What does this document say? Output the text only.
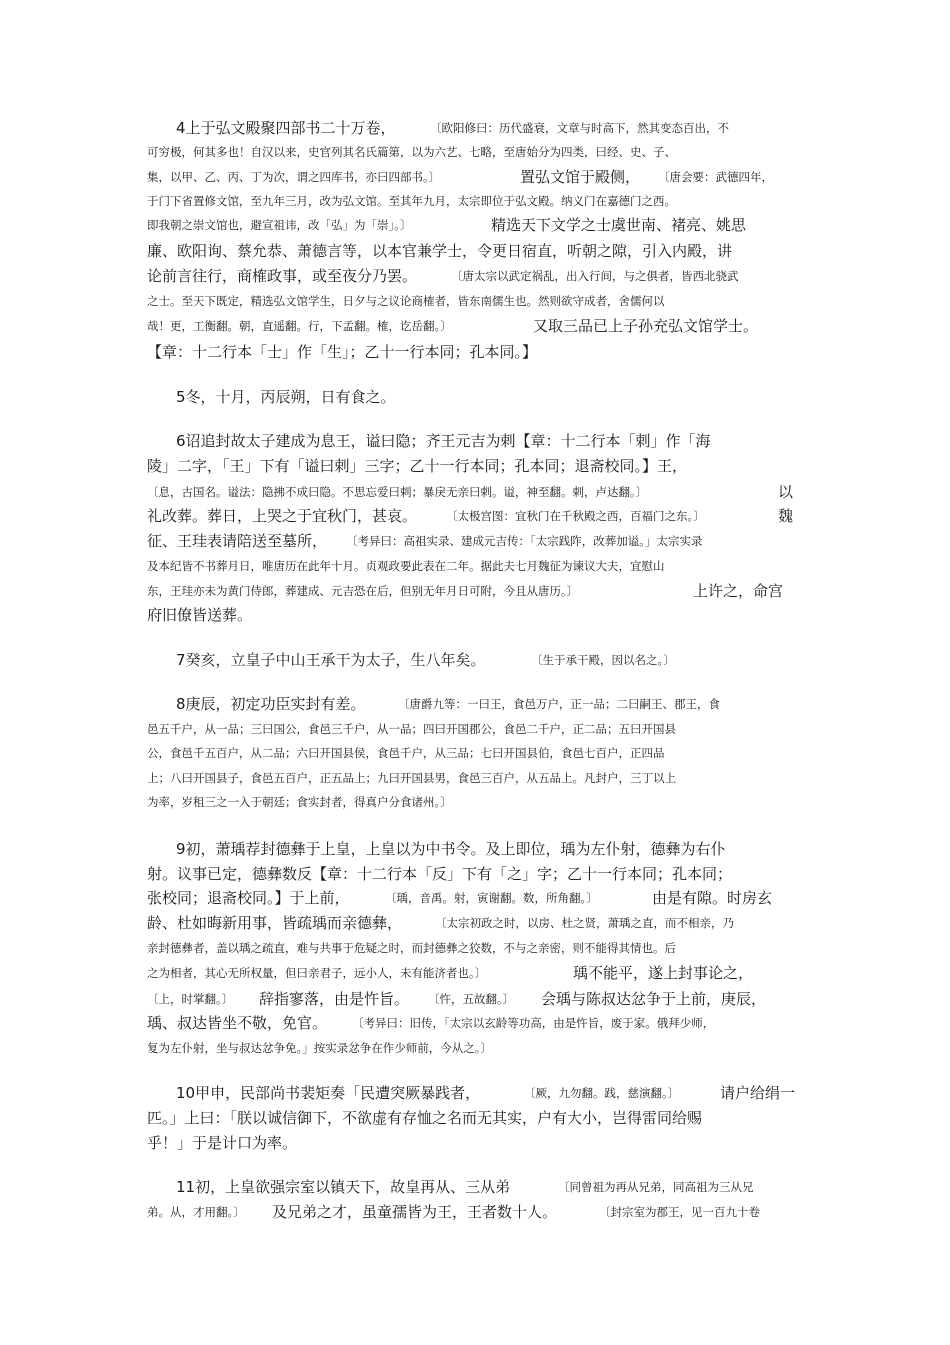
4上于弘文殿聚四部书二十万卷，	〔欧阳修曰：历代盛衰，文章与时高下，然其变态百出，不
可穷极，何其多也！自汉以来，史官列其名氏篇第，以为六艺、七略，至唐始分为四类，曰经、史、子、
集，以甲、乙、丙、丁为次，谓之四库书，亦曰四部书。〕	置弘文馆于殿侧， 〔唐会要：武德四年，
于门下省置修文馆，至九年三月，改为弘文馆。至其年九月，太宗即位于弘文殿。纳义门在嘉德门之西。
即我朝之崇文馆也，避宣祖讳，改「弘」为「崇」。〕	精选天下文学之士虞世南、褚亮、姚思
廉、欧阳询、蔡允恭、萧德言等，以本官兼学士，令更日宿直，听朝之隙，引入内殿，讲
论前言往行，商榷政事，或至夜分乃罢。	〔唐太宗以武定祸乱，出入行间，与之俱者，皆西北骁武
之士。至天下既定，精选弘文馆学生，日夕与之议论商榷者，皆东南儒生也。然则欲守成者，舍儒何以
哉！更，工衡翻。朝，直遥翻。行，下孟翻。榷，讫岳翻。〕	又取三品已上子孙充弘文馆学士。
【章：十二行本「士」作「生」；乙十一行本同；孔本同。】
5冬，十月，丙辰朔，日有食之。
6诏追封故太子建成为息王，谥曰隐；齐王元吉为剌【章：十二行本「剌」作「海
陵」二字，「王」下有「谥曰剌」三字；乙十一行本同；孔本同；退斋校同。】王，
〔息，古国名。谥法：隐拂不成曰隐。不思忘爱曰剌；暴戾无亲曰剌。谥，神至翻。剌，卢达翻。〕	以
礼改葬。葬日，上哭之于宜秋门，甚哀。	〔太极宫图：宜秋门在千秋殿之西，百福门之东。〕	魏
征、王珪表请陪送至墓所， 〔考异曰：高祖实录、建成元吉传：「太宗践阼，改葬加谥。」太宗实录
及本纪皆不书葬月日，唯唐历在此年十月。贞观政要此表在二年。据此夫七月魏征为谏议大夫，宜慰山
东，王珪亦未为黄门侍郎，葬建成、元吉恐在后，但别无年月日可附，今且从唐历。〕	上许之，命宫
府旧僚皆送葬。
7癸亥，立皇子中山王承干为太子，生八年矣。	〔生于承干殿，因以名之。〕
8庚辰，初定功臣实封有差。	〔唐爵九等：一曰王，食邑万户，正一品；二曰嗣王、郡王，食
邑五千户，从一品；三曰国公，食邑三千户，从一品；四曰开国郡公，食邑二千户，正二品；五曰开国县
公，食邑千五百户，从二品；六曰开国县侯，食邑千户，从三品；七曰开国县伯，食邑七百户，正四品
上；八曰开国县子，食邑五百户，正五品上；九曰开国县男，食邑三百户，从五品上。凡封户，三丁以上
为率，岁租三之一入于朝廷；食实封者，得真户分食诸州。〕
9初，萧瑀荐封德彝于上皇，上皇以为中书令。及上即位，瑀为左仆射，德彝为右仆
射。议事已定，德彝数反【章：十二行本「反」下有「之」字；乙十一行本同；孔本同；
张校同；退斋校同。】于上前，	〔瑀，音禹。射，寅谢翻。数，所角翻。〕	由是有隙。时房玄
龄、杜如晦新用事，皆疏瑀而亲德彝，	〔太宗初政之时，以房、杜之贤，萧瑀之直，而不相亲，乃
亲封德彝者，盖以瑀之疏直，难与共事于危疑之时，而封德彝之狡数，不与之亲密，则不能得其情也。后
之为相者，其心无所权量，但曰亲君子，远小人，未有能济者也。〕	瑀不能平，遂上封事论之，
〔上，时掌翻。〕 辞指寥落，由是忤旨。 〔忤，五故翻。〕 会瑀与陈叔达忿争于上前，庚辰，
瑀、叔达皆坐不敬，免官。 〔考异曰：旧传，「太宗以玄龄等功高，由是忤旨，废于家。俄拜少师，
复为左仆射，坐与叔达忿争免。」按实录忿争在作少师前，今从之。〕
10甲申，民部尚书裴矩奏「民遭突厥暴践者，	〔厥，九勿翻。践，慈演翻。〕	请户给绢一
匹。」上曰：「朕以诚信御下，不欲虚有存恤之名而无其实，户有大小，岂得雷同给赐
乎！」于是计口为率。
11初，上皇欲强宗室以镇天下，故皇再从、三从弟	〔同曾祖为再从兄弟，同高祖为三从兄
弟。从，才用翻。〕 及兄弟之才，虽童孺皆为王，王者数十人。	〔封宗室为郡王，见一百九十卷
